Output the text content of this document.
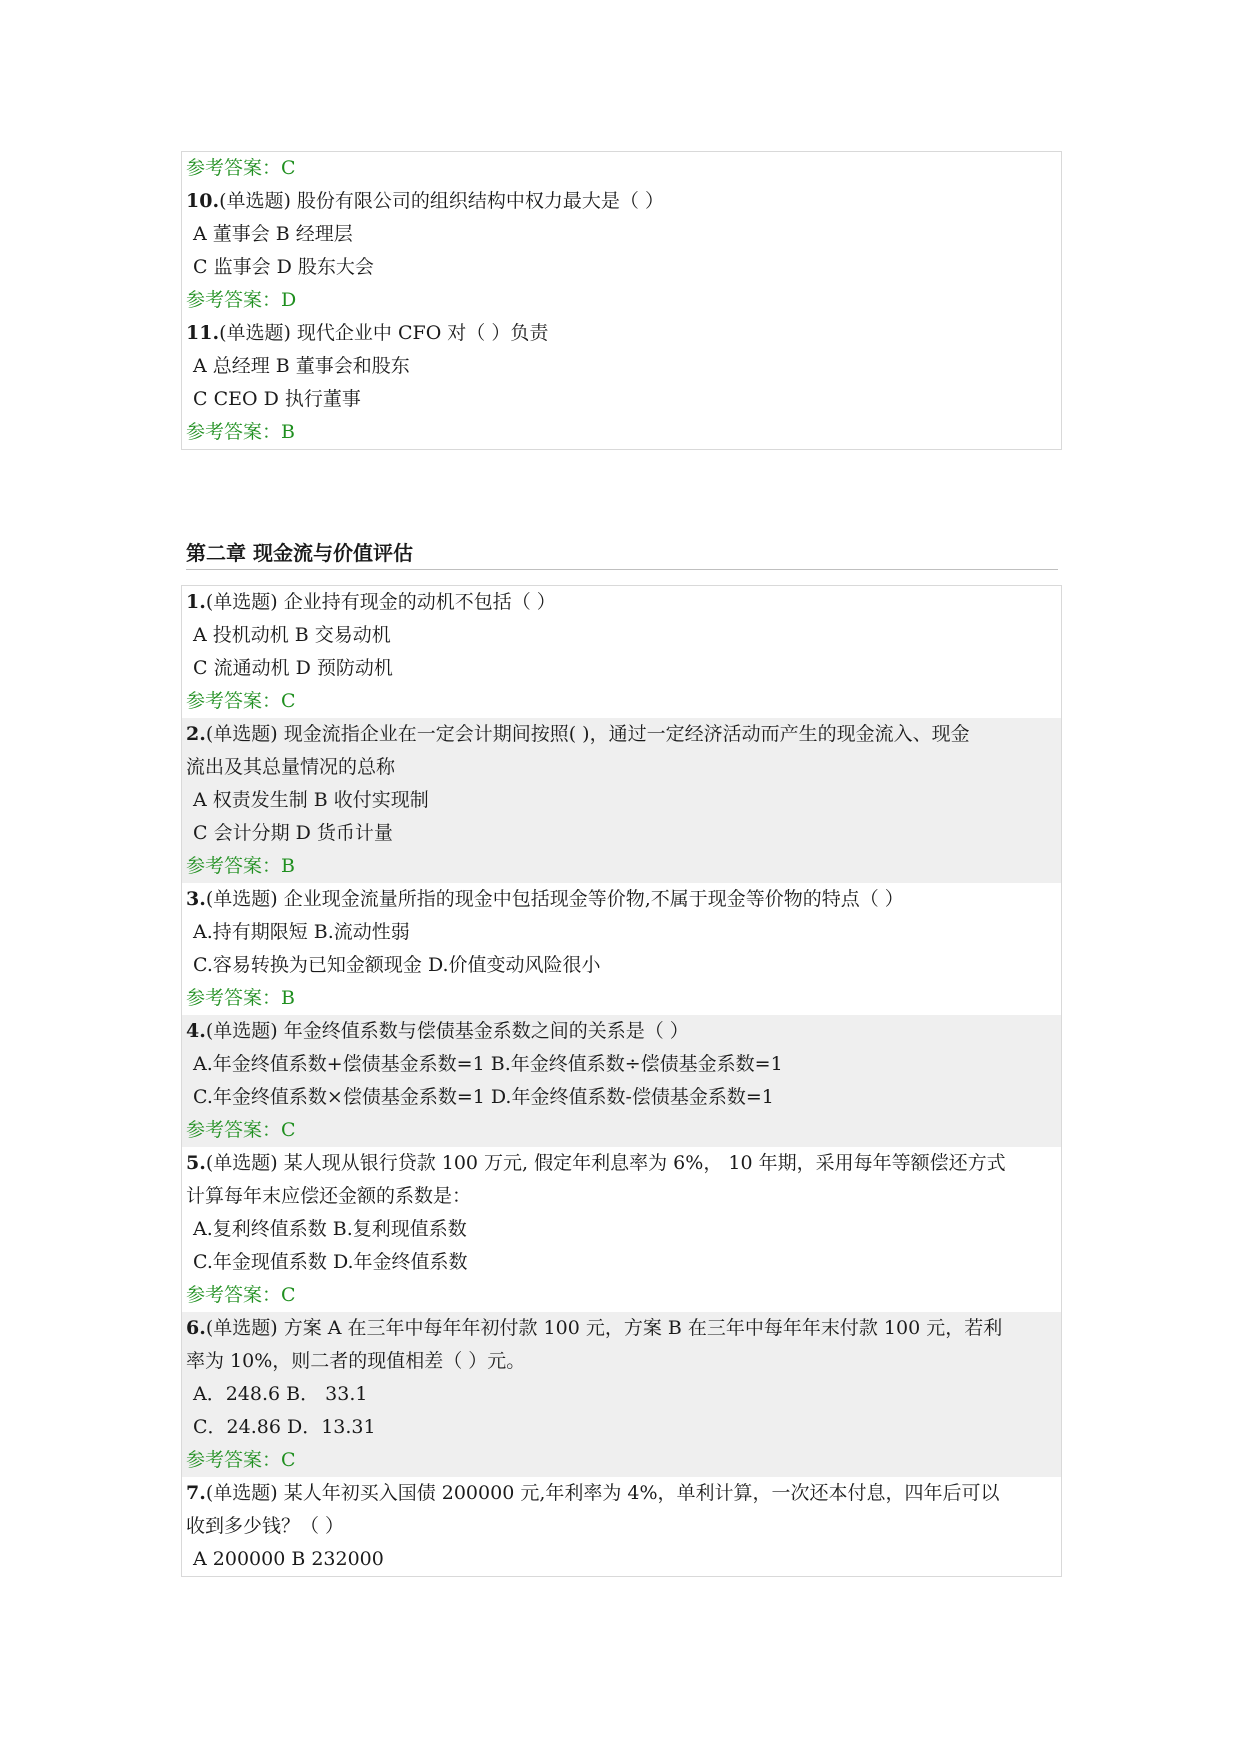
参考答案：C
10.(单选题) 股份有限公司的组织结构中权力最大是（ ）
A 董事会 B 经理层
C 监事会 D 股东大会
参考答案：D
11.(单选题) 现代企业中 CFO 对（ ）负责
A 总经理 B 董事会和股东
C CEO D 执行董事
参考答案：B
第二章 现金流与价值评估
1.(单选题) 企业持有现金的动机不包括（ ）
A 投机动机 B 交易动机
C 流通动机 D 预防动机
参考答案：C
2.(单选题) 现金流指企业在一定会计期间按照( )，通过一定经济活动而产生的现金流入、现金
流出及其总量情况的总称
A 权责发生制 B 收付实现制
C 会计分期 D 货币计量
参考答案：B
3.(单选题) 企业现金流量所指的现金中包括现金等价物,不属于现金等价物的特点（ ）
A.持有期限短 B.流动性弱
C.容易转换为已知金额现金 D.价值变动风险很小
参考答案：B
4.(单选题) 年金终值系数与偿债基金系数之间的关系是（ ）
A.年金终值系数+偿债基金系数=1 B.年金终值系数÷偿债基金系数=1
C.年金终值系数×偿债基金系数=1 D.年金终值系数-偿债基金系数=1
参考答案：C
5.(单选题) 某人现从银行贷款 100 万元, 假定年利息率为 6%， 10 年期，采用每年等额偿还方式
计算每年末应偿还金额的系数是：
A.复利终值系数 B.复利现值系数
C.年金现值系数 D.年金终值系数
参考答案：C
6.(单选题) 方案 A 在三年中每年年初付款 100 元，方案 B 在三年中每年年末付款 100 元，若利
率为 10%，则二者的现值相差（ ）元。
A．248.6 B． 33.1
C．24.86 D．13.31
参考答案：C
7.(单选题) 某人年初买入国债 200000 元,年利率为 4%，单利计算，一次还本付息，四年后可以
收到多少钱？（ ）
A 200000 B 232000
